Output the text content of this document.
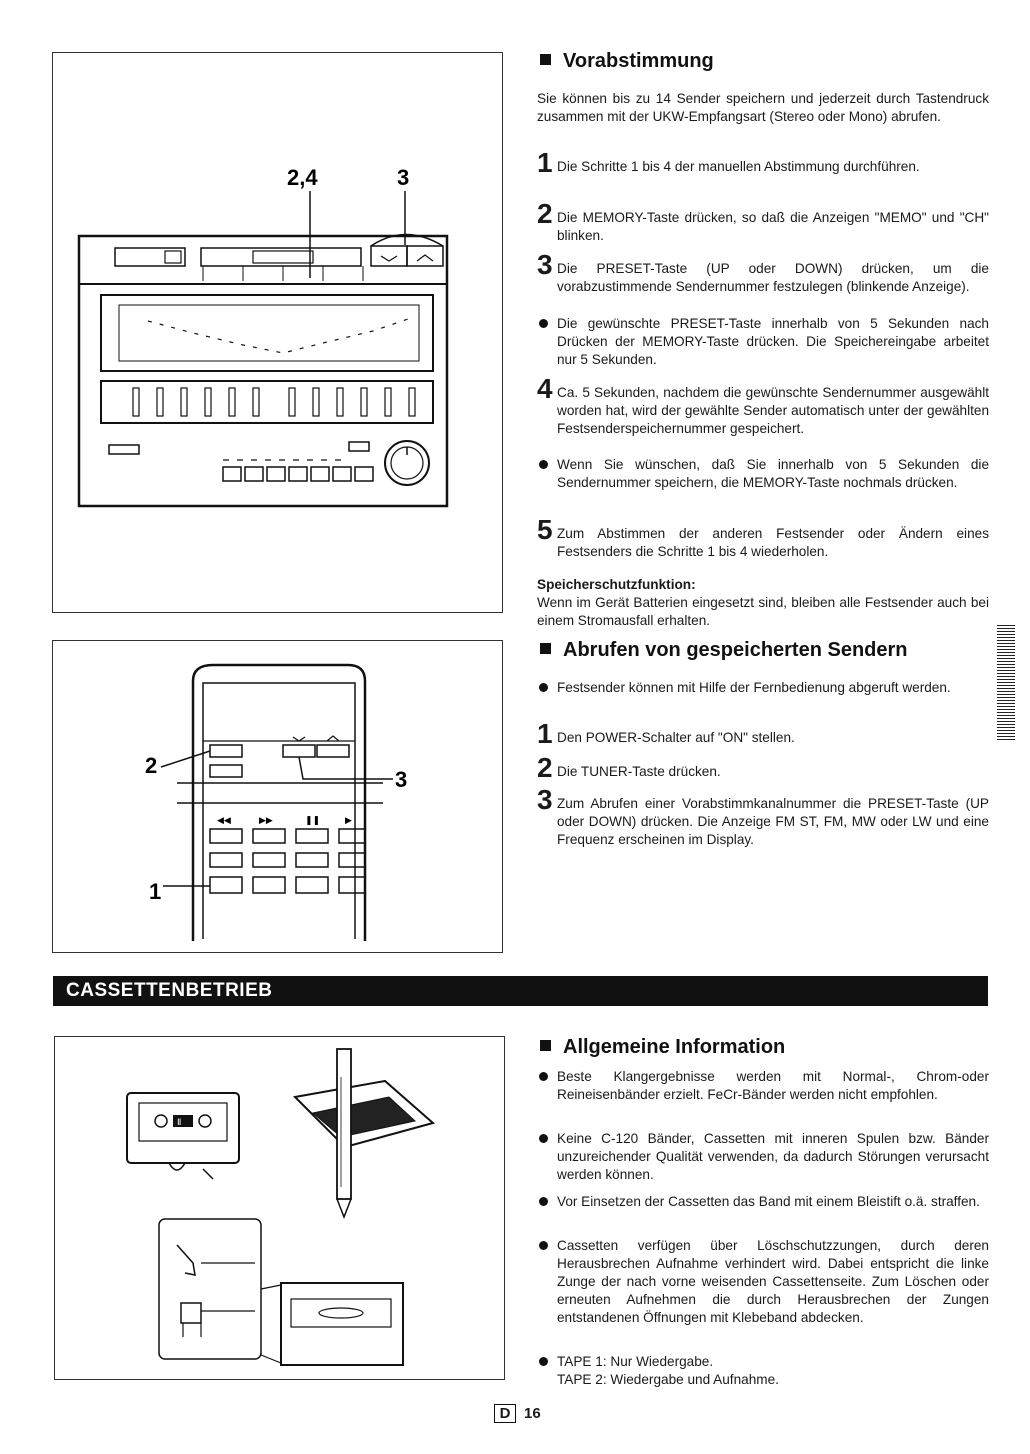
2,4	3
◀◀	▶▶	❚❚	▶
2
3
1
Ⅱ
Vorabstimmung
Sie können bis zu 14 Sender speichern und jederzeit durch Tastendruck zusammen mit der UKW-Empfangsart (Stereo oder Mono) abrufen.
1 Die Schritte 1 bis 4 der manuellen Abstimmung durchführen.
2 Die MEMORY-Taste drücken, so daß die Anzeigen "MEMO" und "CH" blinken.
3 Die PRESET-Taste (UP oder DOWN) drücken, um die vorabzustimmende Sendernummer festzulegen (blinkende Anzeige).
Die gewünschte PRESET-Taste innerhalb von 5 Sekunden nach Drücken der MEMORY-Taste drücken. Die Speichereingabe arbeitet nur 5 Sekunden.
4 Ca. 5 Sekunden, nachdem die gewünschte Sendernummer ausgewählt worden hat, wird der gewählte Sender automatisch unter der gewählten Festsenderspeichernummer gespeichert.
Wenn Sie wünschen, daß Sie innerhalb von 5 Sekunden die Sendernummer speichern, die MEMORY-Taste nochmals drücken.
5 Zum Abstimmen der anderen Festsender oder Ändern eines Festsenders die Schritte 1 bis 4 wiederholen.
Speicherschutzfunktion:
Wenn im Gerät Batterien eingesetzt sind, bleiben alle Festsender auch bei einem Stromausfall erhalten.
Abrufen von gespeicherten Sendern
Festsender können mit Hilfe der Fernbedienung abgeruft werden.
1 Den POWER-Schalter auf "ON" stellen.
2 Die TUNER-Taste drücken.
3 Zum Abrufen einer Vorabstimmkanalnummer die PRESET-Taste (UP oder DOWN) drücken. Die Anzeige FM ST, FM, MW oder LW und eine Frequenz erscheinen im Display.
CASSETTENBETRIEB
Allgemeine Information
Beste Klangergebnisse werden mit Normal-, Chrom-oder Reineisenbänder erzielt. FeCr-Bänder werden nicht empfohlen.
Keine C-120 Bänder, Cassetten mit inneren Spulen bzw. Bänder unzureichender Qualität verwenden, da dadurch Störungen verursacht werden können.
Vor Einsetzen der Cassetten das Band mit einem Bleistift o.ä. straffen.
Cassetten verfügen über Löschschutzzungen, durch deren Herausbrechen Aufnahme verhindert wird. Dabei entspricht die linke Zunge der nach vorne weisenden Cassettenseite. Zum Löschen oder erneuten Aufnehmen die durch Herausbrechen der Zungen entstandenen Öffnungen mit Klebeband abdecken.
TAPE 1: Nur Wiedergabe.
TAPE 2: Wiedergabe und Aufnahme.
D 16
